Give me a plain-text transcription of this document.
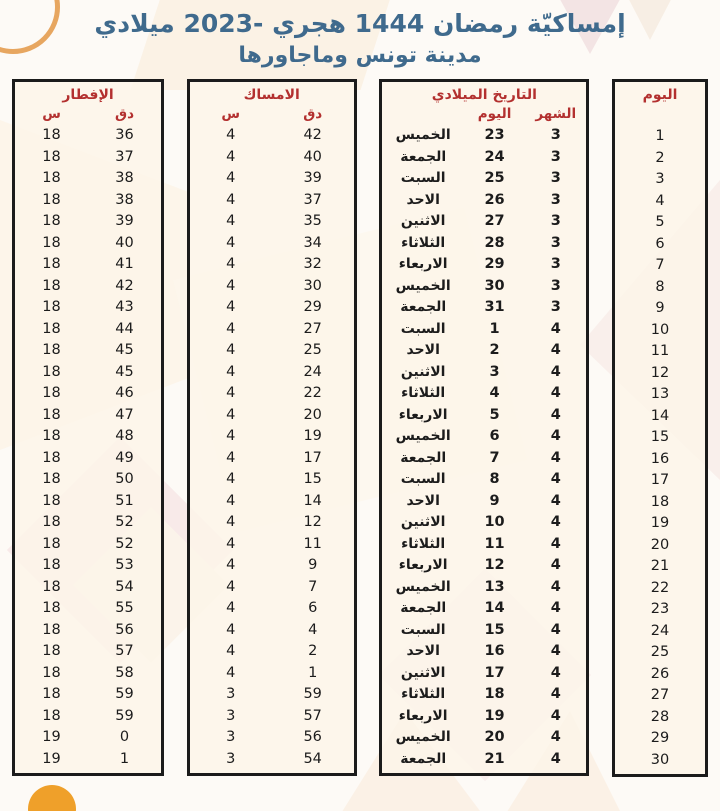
إمساكيّة رمضان 1444 هجري -2023 ميلادي
مدينة تونس وماجاورها
الإفطار
دق
س
36
18
37
18
38
18
38
18
39
18
40
18
41
18
42
18
43
18
44
18
45
18
45
18
46
18
47
18
48
18
49
18
50
18
51
18
52
18
52
18
53
18
54
18
55
18
56
18
57
18
58
18
59
18
59
18
0
19
1
19
الامساك
دق
س
42
4
40
4
39
4
37
4
35
4
34
4
32
4
30
4
29
4
27
4
25
4
24
4
22
4
20
4
19
4
17
4
15
4
14
4
12
4
11
4
9
4
7
4
6
4
4
4
2
4
1
4
59
3
57
3
56
3
54
3
التاريخ الميلادي
الشهر
اليوم
3
23
الخميس
3
24
الجمعة
3
25
السبت
3
26
الاحد
3
27
الاثنين
3
28
الثلاثاء
3
29
الاربعاء
3
30
الخميس
3
31
الجمعة
4
1
السبت
4
2
الاحد
4
3
الاثنين
4
4
الثلاثاء
4
5
الاربعاء
4
6
الخميس
4
7
الجمعة
4
8
السبت
4
9
الاحد
4
10
الاثنين
4
11
الثلاثاء
4
12
الاربعاء
4
13
الخميس
4
14
الجمعة
4
15
السبت
4
16
الاحد
4
17
الاثنين
4
18
الثلاثاء
4
19
الاربعاء
4
20
الخميس
4
21
الجمعة
اليوم
1
2
3
4
5
6
7
8
9
10
11
12
13
14
15
16
17
18
19
20
21
22
23
24
25
26
27
28
29
30
